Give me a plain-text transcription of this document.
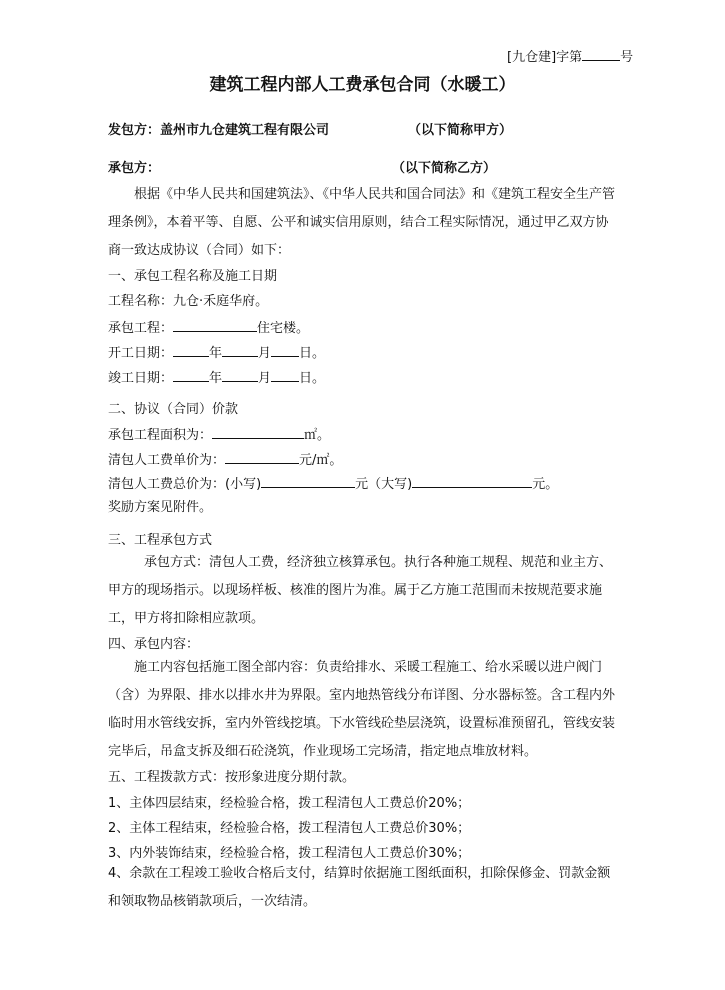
[九仓建]字第	号
建筑工程内部人工费承包合同（水暖工）
发包方：盖州市九仓建筑工程有限公司	（以下简称甲方）
承包方：	（以下简称乙方）
根据《中华人民共和国建筑法》、《中华人民共和国合同法》和《建筑工程安全生产管理条例》，本着平等、自愿、公平和诚实信用原则，结合工程实际情况，通过甲乙双方协商一致达成协议（合同）如下：
一、承包工程名称及施工日期
工程名称：九仓·禾庭华府。
承包工程：	住宅楼。
开工日期：	年	月 日。
竣工日期：	年	月 日。
二、协议（合同）价款
承包工程面积为：	㎡。
清包人工费单价为：	元/㎡。
清包人工费总价为：(小写)	元（大写)	元。
奖励方案见附件。
三、工程承包方式
承包方式：清包人工费，经济独立核算承包。执行各种施工规程、规范和业主方、甲方的现场指示。以现场样板、核准的图片为准。属于乙方施工范围而未按规范要求施工，甲方将扣除相应款项。
四、承包内容：
施工内容包括施工图全部内容：负责给排水、采暖工程施工、给水采暖以进户阀门（含）为界限、排水以排水井为界限。室内地热管线分布详图、分水器标签。含工程内外临时用水管线安拆，室内外管线挖填。下水管线砼垫层浇筑，设置标准预留孔，管线安装完毕后，吊盒支拆及细石砼浇筑，作业现场工完场清，指定地点堆放材料。
五、工程拨款方式：按形象进度分期付款。
1、主体四层结束，经检验合格，拨工程清包人工费总价20%；
2、主体工程结束，经检验合格，拨工程清包人工费总价30%；
3、内外装饰结束，经检验合格，拨工程清包人工费总价30%；
4、余款在工程竣工验收合格后支付，结算时依据施工图纸面积，扣除保修金、罚款金额和领取物品核销款项后，一次结清。
